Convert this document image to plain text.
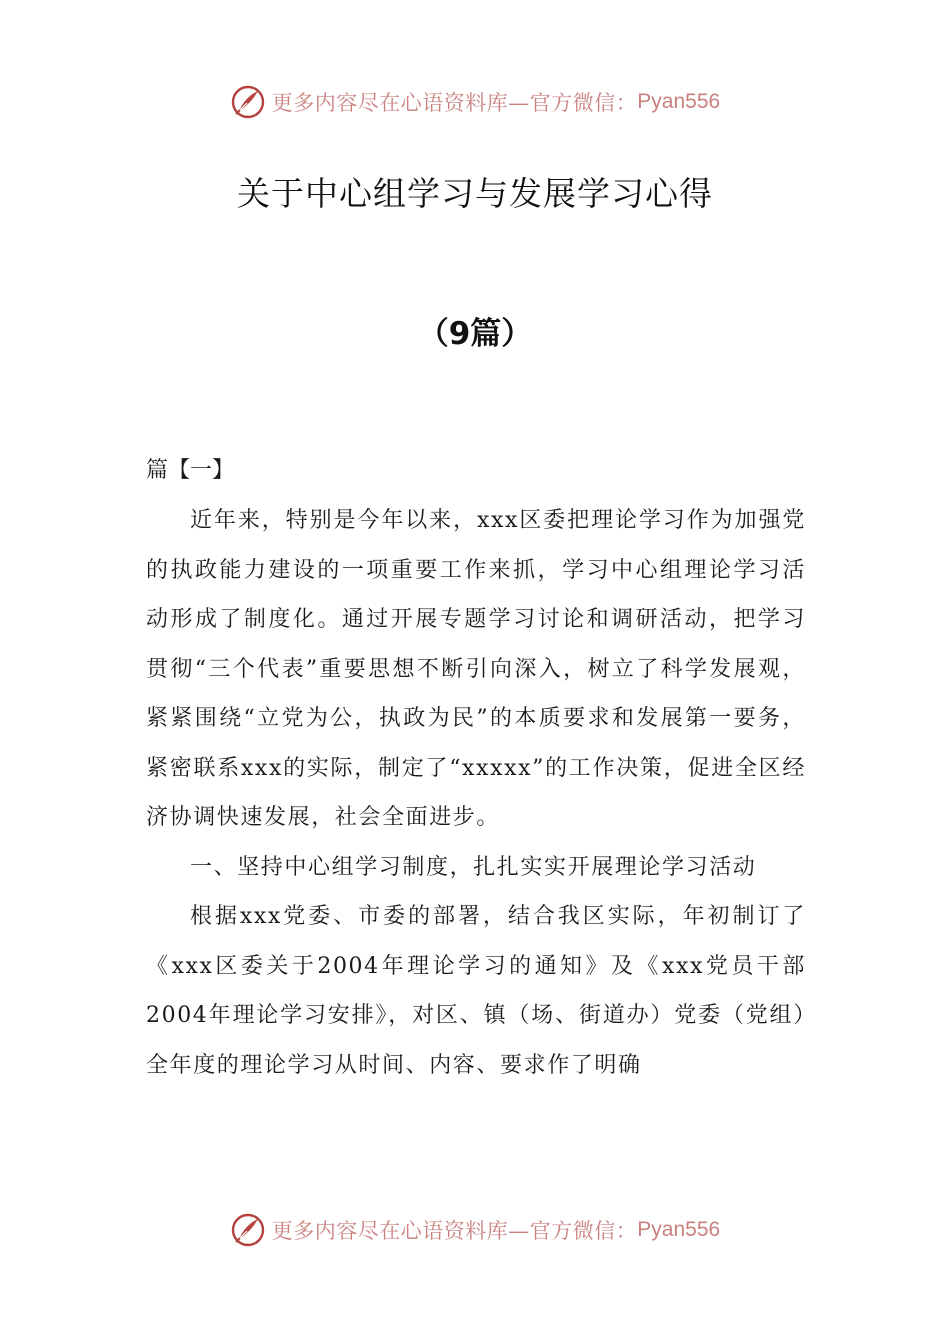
更多内容尽在心语资料库—官方微信： Pyan556
关于中心组学习与发展学习心得
（9篇）

篇【一】

近年来，特别是今年以来，xxx区委把理论学习作为加强党的执政能力建设的一项重要工作来抓，学习中心组理论学习活动形成了制度化。通过开展专题学习讨论和调研活动，把学习贯彻“三个代表”重要思想不断引向深入，树立了科学发展观，紧紧围绕“立党为公，执政为民”的本质要求和发展第一要务，紧密联系xxx的实际，制定了“xxxxx”的工作决策，促进全区经济协调快速发展，社会全面进步。

一、坚持中心组学习制度，扎扎实实开展理论学习活动

根据xxx党委、市委的部署，结合我区实际，年初制订了《xxx区委关于2004年理论学习的通知》及《xxx党员干部2004年理论学习安排》，对区、镇（场、街道办）党委（党组）全年度的理论学习从时间、内容、要求作了明确

更多内容尽在心语资料库—官方微信： Pyan556
